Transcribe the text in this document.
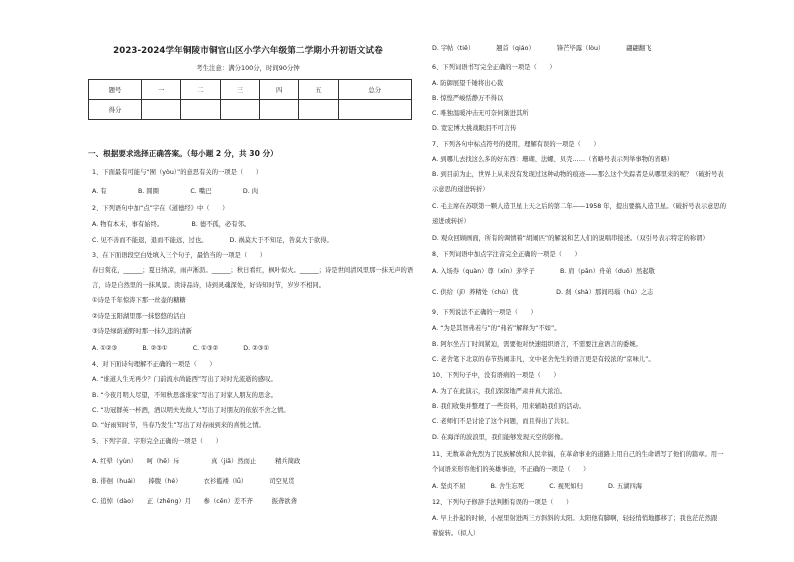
2023-2024学年铜陵市铜官山区小学六年级第二学期小升初语文试卷
考生注意：满分100分，时间90分钟
题号	一	二	三	四	五	总分
得分						
一、根据要求选择正确答案。（每小题 2 分，共 30 分）
1、下面最有可能与“囿（yòu）”的意思有关的一项是（　　）
A. 有　　　　　B. 圆圈　　　　　C. 嘴巴　　　　　D. 肉
2、下列语句中加“点”字在《道德经》中（　　）
A. 物有本末，事有始终。　　　　　B. 德不孤，必有邻。
C. 见不善而不能退，退而不能远，过也。　　　　D. 祸莫大于不知足，咎莫大于欲得。
3、在下面语段空白处填入三个句子，最恰当的一项是（　　）
春日赏花，______；夏日纳凉，雨声淅沥。______；秋日看红，枫叶似火。______；诗是世间清风里那一抹无声的语
言，诗是自然里的一抹风景。读诗品诗，诗到灵魂深处，好诗知时节，岁岁不相同。
①诗是千年惊涛下那一丝壶的糖糖
②诗是玉阳湖里那一抹悠悠的活白
③诗是绿荫通野时那一抹久违的清新
A. ①②③　　　　B. ②③①　　　　C. ①③②　　　　D. ②③①
4、对下面诗句理解不正确的一项是（　　）
A. “谁道人生无再少？门前流水尚能西”写出了对时光流逝的感叹。
B. “今夜月明人尽望，不知秋思落谁家”写出了对家人朋友的思念。
C. “功冠群英一杯酒，酒以明夫先故人”写出了对朋友的依依不舍之情。
D. “好雨知时节，当春乃发生”写出了对春雨到来的喜悦之情。
5、下列字音、字形完全正确的一项是（　　）
A. 红晕（yùn）　　呵（hē）斥　　　　　真（jiǎ）然而止　　　精兵简政
B. 徘徊（huái）　　捧腹（hé）　　　　衣衫褴褛（lǚ）　　　　司空见贯
C. 追悼（dào）　　正（zhēng）月　　参（cēn）差不齐　　　振聋欲聋
D. 字帖（tiē）　　　　翘首（qiáo）　　　　锋芒毕露（lòu）　　　　翩翩翻飞
6、下列词语书写完全正确的一项是（　　）
A. 防御展望千锤将出心裁
B. 惊惶严峻恬静万不得以
C. 唯独温暖冲击无可奈何渐进其所
D. 宽宏博大挑战眼泪不可言传
7、下列各句中标点符号的使用，理解有误的一项是（　　）
A. 到哪儿去找这么多的好东西：珊瑚、法螺、贝壳……（省略号表示列举事物的省略）
B. 到目前为止，世界上从来没有发现过这种动物的痕迹——那么这个失踪者是从哪里来的呢？（破折号表
示意思的递进转折）
C. 毛主席在苏联第一颗人造卫星上天之后的第二年——1958 年，提出要搞人造卫星。（破折号表示意思的
递进或转折）
D. 观众回顾画面，所有的调情着“胡闹匹”的解说和艺人们的说唱串接述。（双引号表示特定的称谓）
8、下列词语中加点字注音完全正确的一项是（　　）
A. 入场券（quàn）尊（xīn）茅学子　　　　B. 肩（pān）舟弟（duō）然起敬
C. 供给（jǐ）养精处（chù）优　　　　　　D. 刹（shà）那间玛瑙（hú）之志
9、下列说法不正确的一项是（　　）
A. “为是其智弗若与”的“弗若”解释为“不如”。
B. 阿尔坐吉丁时间紧迫，需要他对快速组织语言，不需要注意语言的委婉。
C. 老舍笔下北京的春节热闹非凡，文中老舍先生的语言更是有较浓的“京味儿”。
10、下列句子中，没有语病的一项是（　　）
A. 为了在此演示，我们深深地严肃并真大浓泊。
B. 我们收集并整理了一些资料，用来辅助我们的活动。
C. 老师们不是讨论了这个问题，而且得出了共识。
D. 在海洋的波浪里，我们能够发现天空的影像。
11、无数革命先烈为了民族解放和人民幸福，在革命事业的道路上用自己的生命谱写了他们的篇章。用一
个词语来形容他们的英雄事迹，不正确的一项是（　　）
A. 坚贞不屈　　　　B. 舍生忘死　　　　C. 视死如归　　　　D. 五湖四海
12、下列句子修辞手法判断有误的一项是（　　）
A. 早上扑起的时候，小屋里射进两三方斜斜的太阳。太阳他有脚啊，轻轻悄悄地挪移了；我也茫茫然跟
着旋转。（拟人）
